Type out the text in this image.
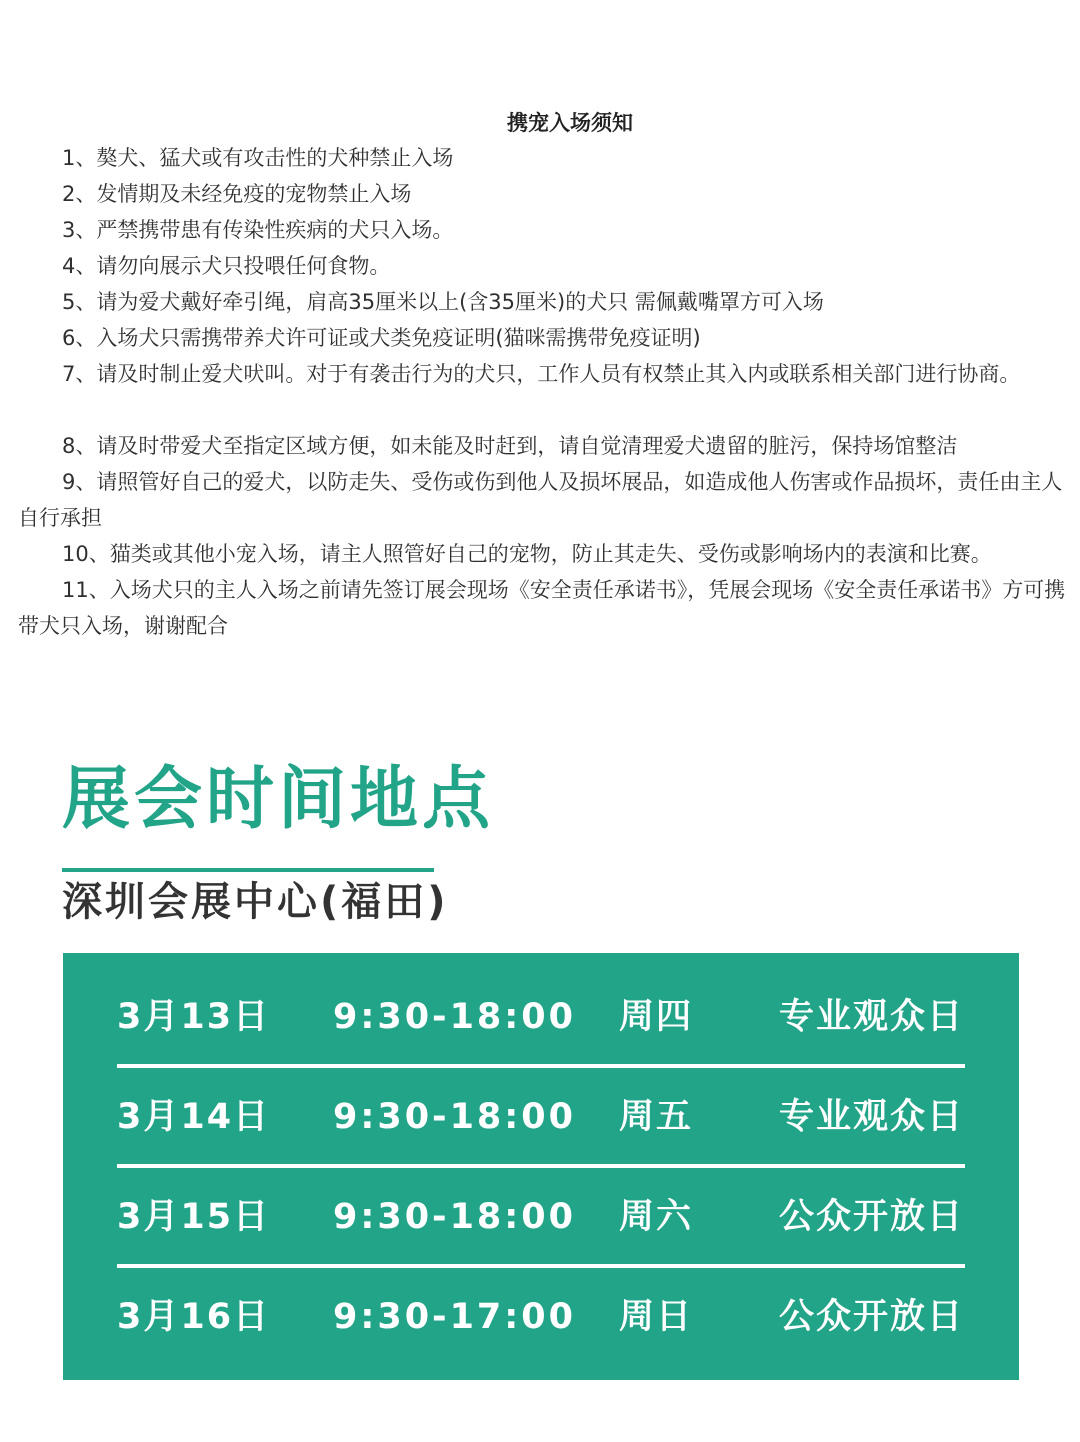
携宠入场须知
1、獒犬、猛犬或有攻击性的犬种禁止入场
2、发情期及未经免疫的宠物禁止入场
3、严禁携带患有传染性疾病的犬只入场。
4、请勿向展示犬只投喂任何食物。
5、请为爱犬戴好牵引绳，肩高35厘米以上(含35厘米)的犬只 需佩戴嘴罩方可入场
6、入场犬只需携带养犬许可证或犬类免疫证明(猫咪需携带免疫证明)
7、请及时制止爱犬吠叫。对于有袭击行为的犬只，工作人员有权禁止其入内或联系相关部门进行协商。
8、请及时带爱犬至指定区域方便，如未能及时赶到，请自觉清理爱犬遗留的脏污，保持场馆整洁
9、请照管好自己的爱犬，以防走失、受伤或伤到他人及损坏展品，如造成他人伤害或作品损坏，责任由主人自行承担
10、猫类或其他小宠入场，请主人照管好自己的宠物，防止其走失、受伤或影响场内的表演和比赛。
11、入场犬只的主人入场之前请先签订展会现场《安全责任承诺书》，凭展会现场《安全责任承诺书》方可携带犬只入场，谢谢配合
展会时间地点
深圳会展中心(福田)
3月13日 9:30-18:00 周四 专业观众日
3月14日 9:30-18:00 周五 专业观众日
3月15日 9:30-18:00 周六 公众开放日
3月16日 9:30-17:00 周日 公众开放日
